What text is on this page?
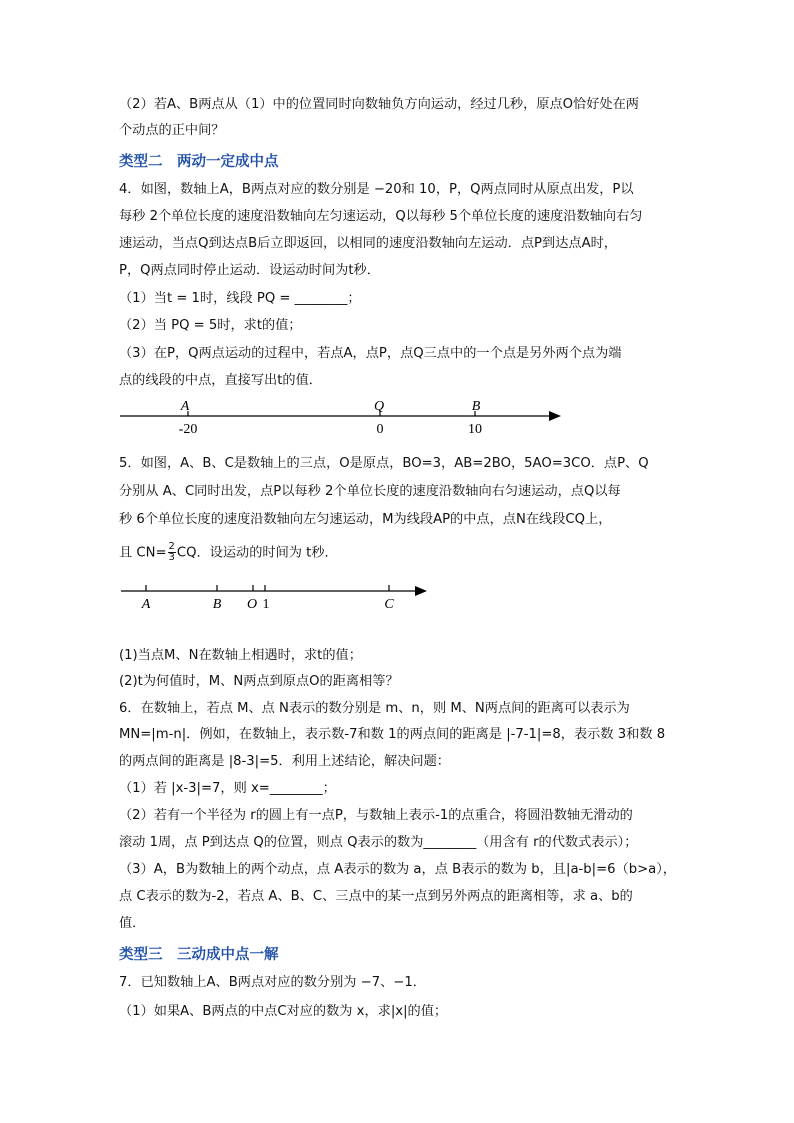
（2）若A、B两点从（1）中的位置同时向数轴负方向运动，经过几秒，原点O恰好处在两
个动点的正中间？
类型二　两动一定成中点
4．如图，数轴上A，B两点对应的数分别是 −20和 10，P，Q两点同时从原点出发，P以
每秒 2个单位长度的速度沿数轴向左匀速运动，Q以每秒 5个单位长度的速度沿数轴向右匀
速运动，当点Q到达点B后立即返回，以相同的速度沿数轴向左运动．点P到达点A时，
P，Q两点同时停止运动．设运动时间为t秒．
（1）当t = 1时，线段 PQ = ________；
（2）当 PQ = 5时，求t的值；
（3）在P，Q两点运动的过程中，若点A，点P，点Q三点中的一个点是另外两个点为端
点的线段的中点，直接写出t的值．
A	Q	B
-20	0	10
5．如图，A、B、C是数轴上的三点，O是原点，BO=3，AB=2BO，5AO=3CO．点P、Q
分别从 A、C同时出发，点P以每秒 2个单位长度的速度沿数轴向右匀速运动，点Q以每
秒 6个单位长度的速度沿数轴向左匀速运动，M为线段AP的中点，点N在线段CQ上，
且 $CN= \frac{2}{3}$ CQ．设运动的时间为 t秒．
A	B O 1	C
(1)当点M、N在数轴上相遇时，求t的值；
(2)t为何值时，M、N两点到原点O的距离相等？
6．在数轴上，若点 M、点 N表示的数分别是 m、n，则 M、N两点间的距离可以表示为
MN=|m-n|．例如，在数轴上，表示数-7和数 1的两点间的距离是 |-7-1|=8，表示数 3和数 8
的两点间的距离是 |8-3|=5．利用上述结论，解决问题：
（1）若 |x-3|=7，则 x=________；
（2）若有一个半径为 r的圆上有一点P，与数轴上表示-1的点重合，将圆沿数轴无滑动的
滚动 1周，点 P到达点 Q的位置，则点 Q表示的数为________（用含有 r的代数式表示）；
（3）A，B为数轴上的两个动点，点 A表示的数为 a，点 B表示的数为 b，且|a-b|=6（b>a），
点 C表示的数为-2，若点 A、B、C、三点中的某一点到另外两点的距离相等，求 a、b的
值．
类型三　三动成中点一解
7．已知数轴上A、B两点对应的数分别为 −7、−1．
（1）如果A、B两点的中点C对应的数为 x，求|x|的值；
